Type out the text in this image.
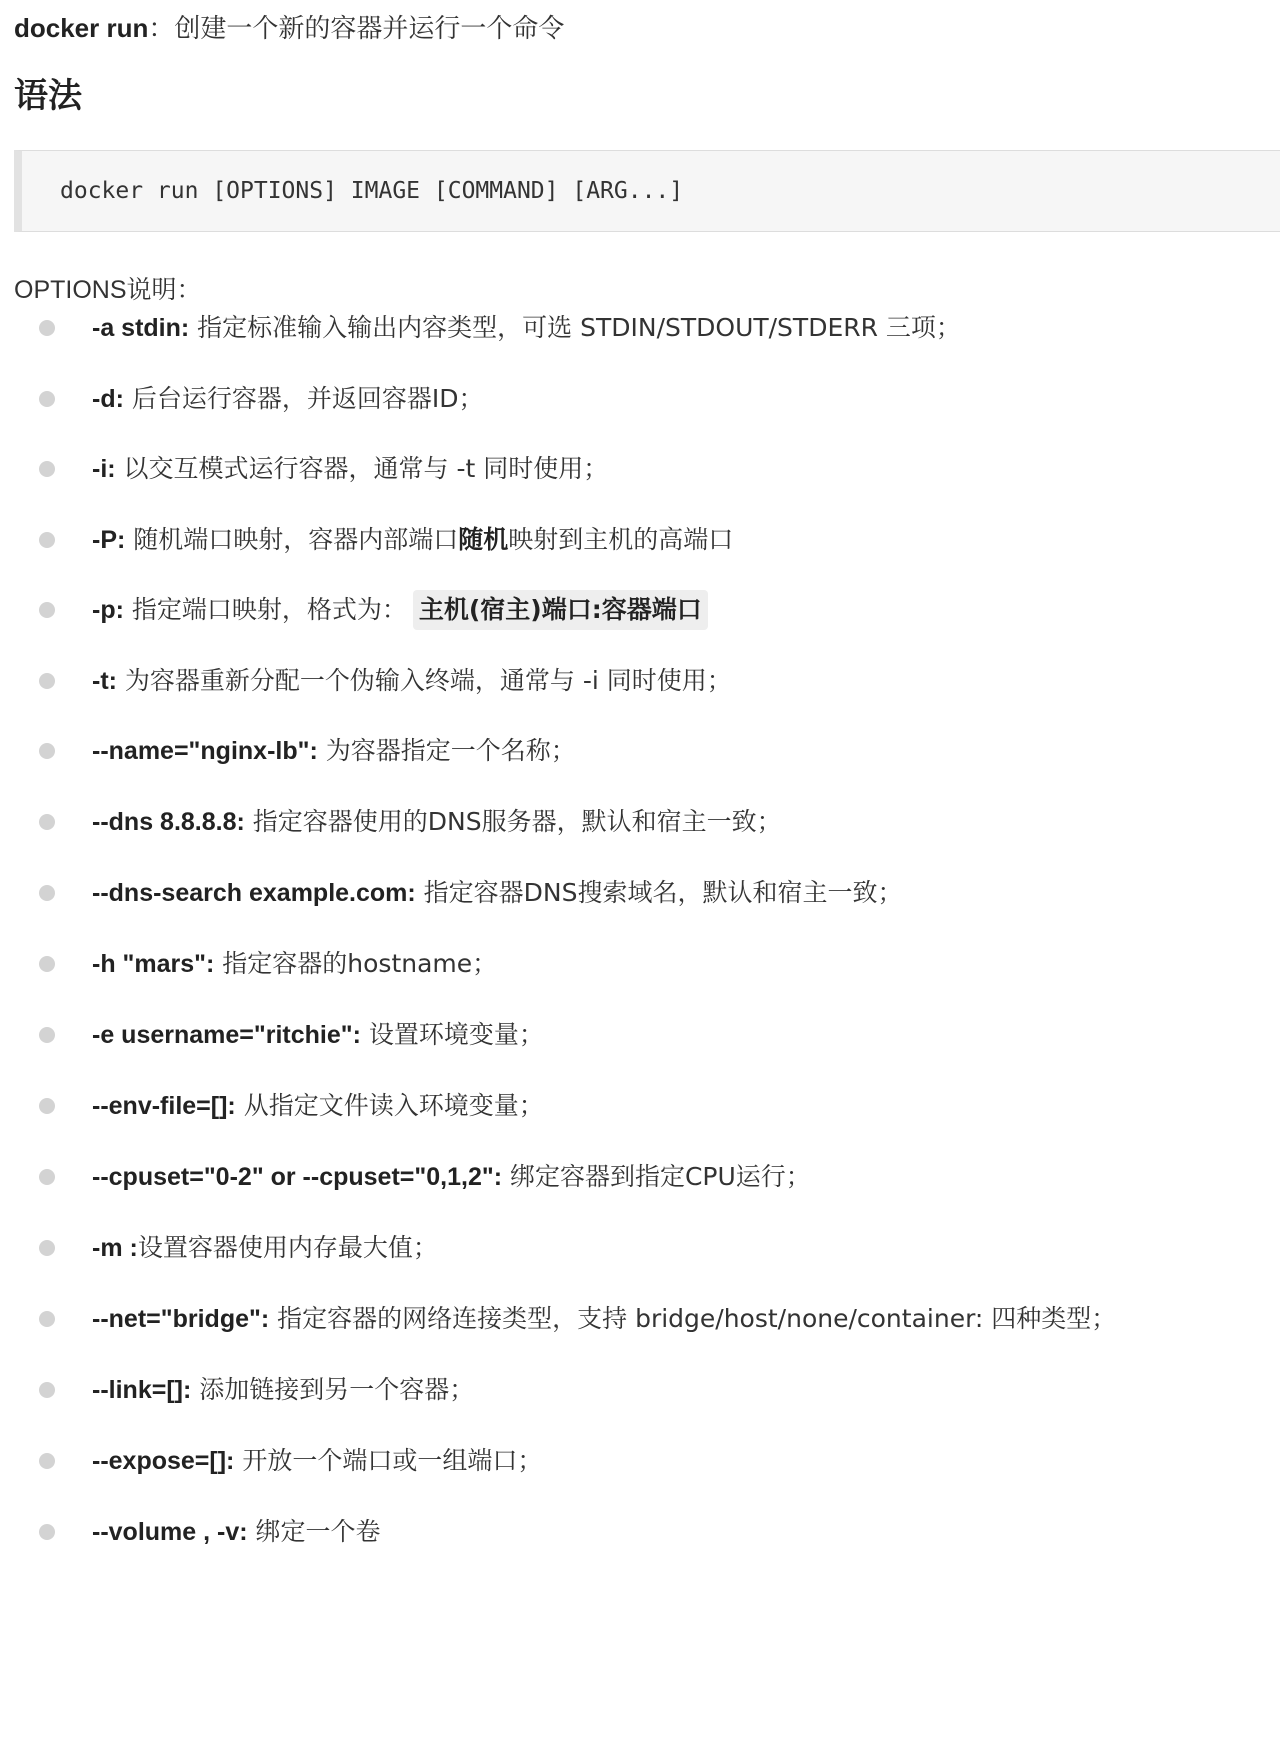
docker run：创建一个新的容器并运行一个命令
语法
docker run [OPTIONS] IMAGE [COMMAND] [ARG...]
OPTIONS说明：
-a stdin: 指定标准输入输出内容类型，可选 STDIN/STDOUT/STDERR 三项；
-d: 后台运行容器，并返回容器ID；
-i: 以交互模式运行容器，通常与 -t 同时使用；
-P: 随机端口映射，容器内部端口随机映射到主机的高端口
-p: 指定端口映射，格式为： 主机(宿主)端口:容器端口
-t: 为容器重新分配一个伪输入终端，通常与 -i 同时使用；
--name="nginx-lb": 为容器指定一个名称；
--dns 8.8.8.8: 指定容器使用的DNS服务器，默认和宿主一致；
--dns-search example.com: 指定容器DNS搜索域名，默认和宿主一致；
-h "mars": 指定容器的hostname；
-e username="ritchie": 设置环境变量；
--env-file=[]: 从指定文件读入环境变量；
--cpuset="0-2" or --cpuset="0,1,2": 绑定容器到指定CPU运行；
-m :设置容器使用内存最大值；
--net="bridge": 指定容器的网络连接类型，支持 bridge/host/none/container: 四种类型；
--link=[]: 添加链接到另一个容器；
--expose=[]: 开放一个端口或一组端口；
--volume , -v: 绑定一个卷
